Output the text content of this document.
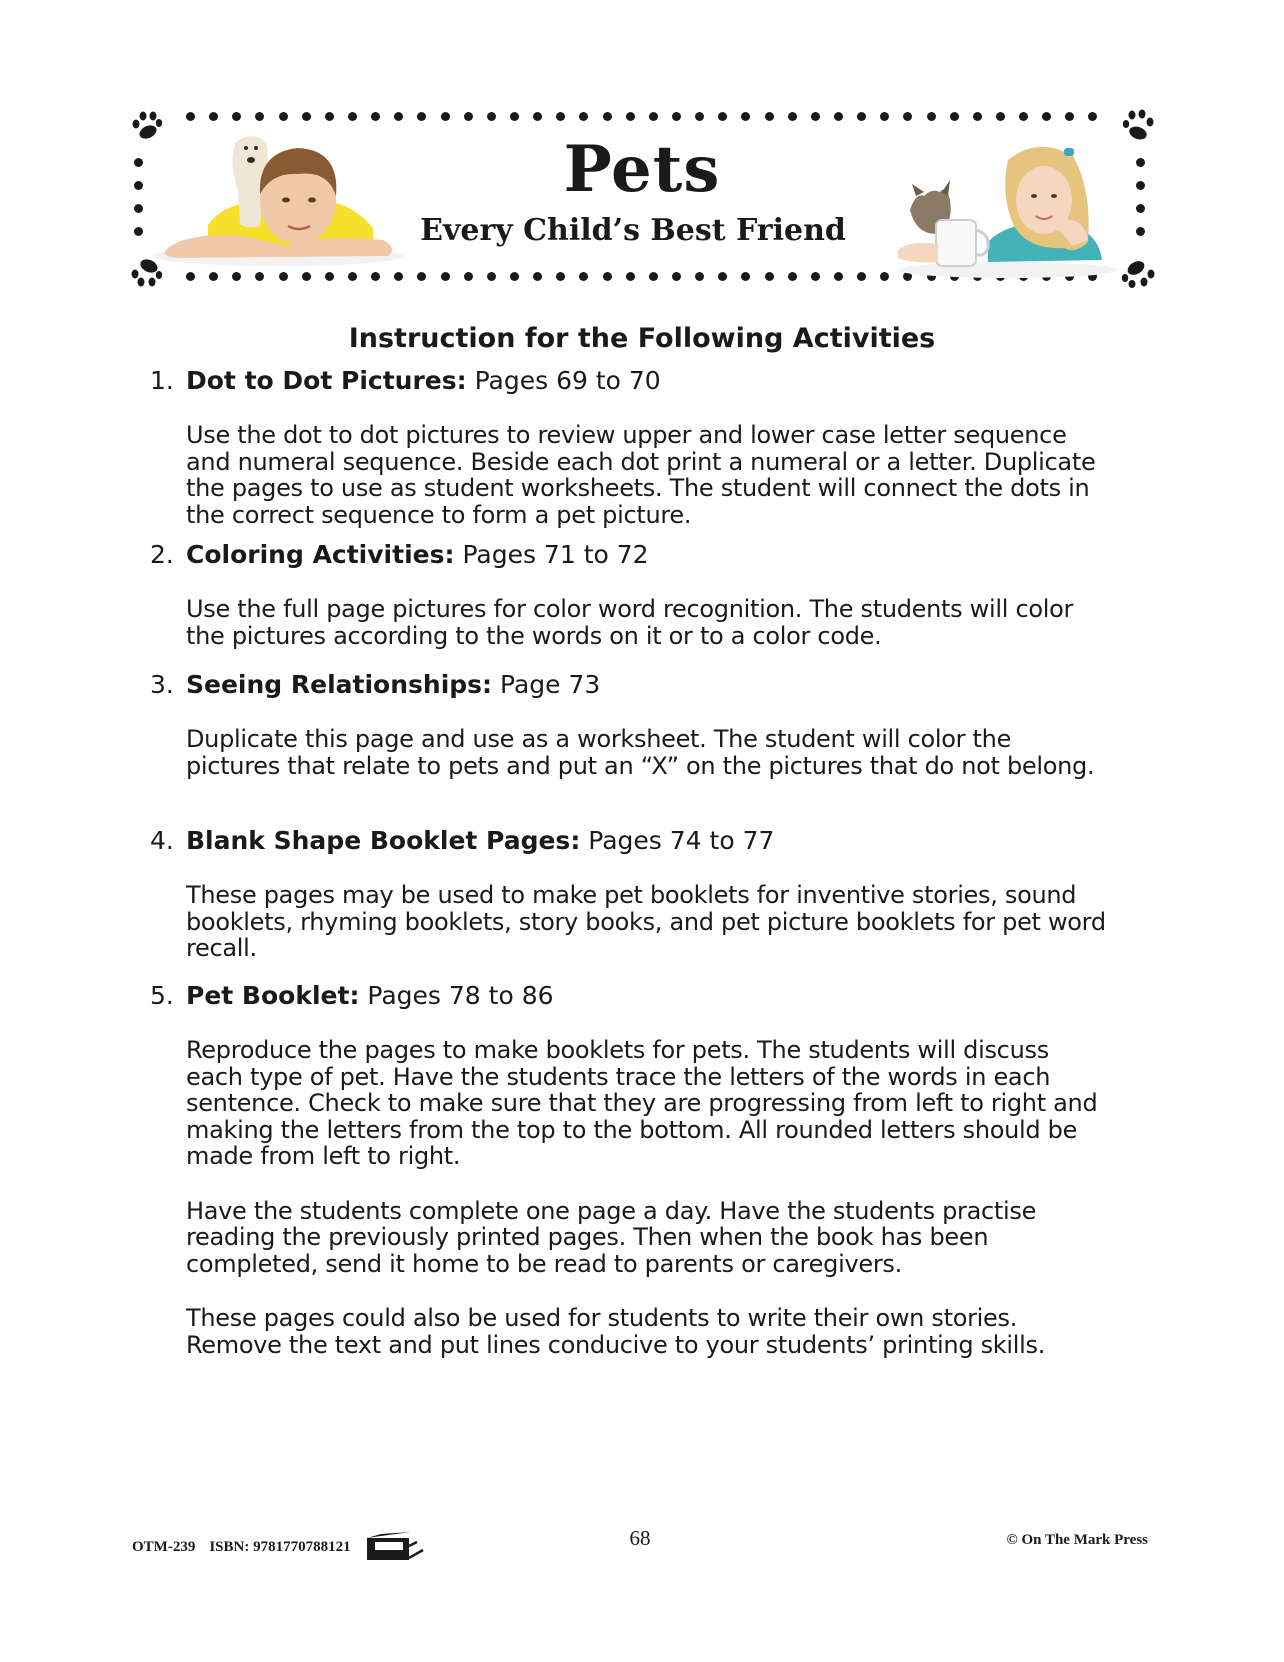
Pets
Every Child’s Best Friend
Instruction for the Following Activities
1. Dot to Dot Pictures: Pages 69 to 70
Use the dot to dot pictures to review upper and lower case letter sequence and numeral sequence. Beside each dot print a numeral or a letter. Duplicate the pages to use as student worksheets. The student will connect the dots in the correct sequence to form a pet picture.
2. Coloring Activities: Pages 71 to 72
Use the full page pictures for color word recognition. The students will color the pictures according to the words on it or to a color code.
3. Seeing Relationships: Page 73
Duplicate this page and use as a worksheet. The student will color the pictures that relate to pets and put an “X” on the pictures that do not belong.
4. Blank Shape Booklet Pages: Pages 74 to 77
These pages may be used to make pet booklets for inventive stories, sound booklets, rhyming booklets, story books, and pet picture booklets for pet word recall.
5. Pet Booklet: Pages 78 to 86
Reproduce the pages to make booklets for pets. The students will discuss each type of pet. Have the students trace the letters of the words in each sentence. Check to make sure that they are progressing from left to right and making the letters from the top to the bottom. All rounded letters should be made from left to right.
Have the students complete one page a day. Have the students practise reading the previously printed pages. Then when the book has been completed, send it home to be read to parents or caregivers.
These pages could also be used for students to write their own stories. Remove the text and put lines conducive to your students’ printing skills.
OTM-239 ISBN: 9781770788121	68	© On The Mark Press
